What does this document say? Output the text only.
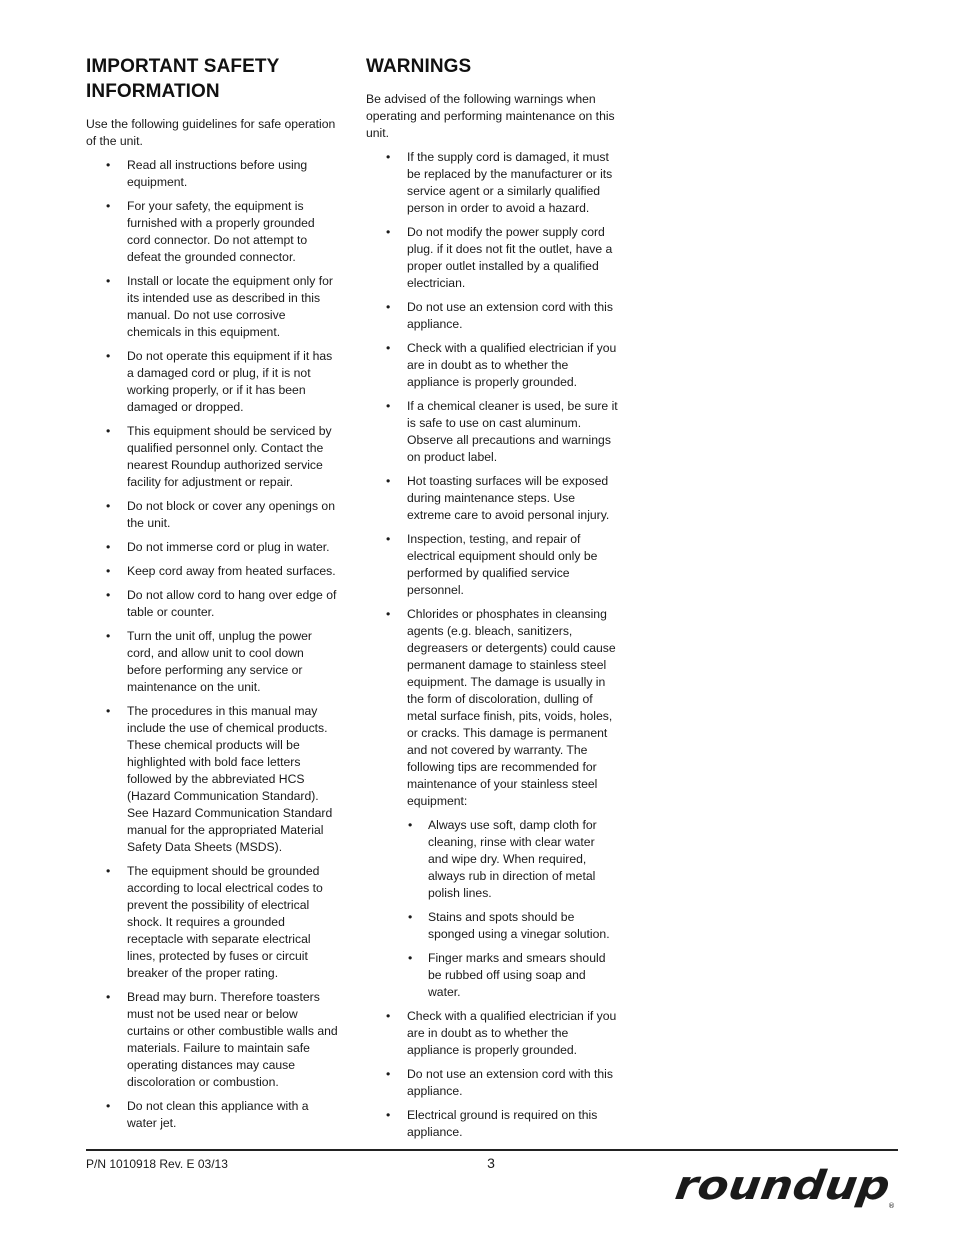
IMPORTANT SAFETY INFORMATION

Use the following guidelines for safe operation of the unit.

• Read all instructions before using equipment.
• For your safety, the equipment is furnished with a properly grounded cord connector. Do not attempt to defeat the grounded connector.
• Install or locate the equipment only for its intended use as described in this manual. Do not use corrosive chemicals in this equipment.
• Do not operate this equipment if it has a damaged cord or plug, if it is not working properly, or if it has been damaged or dropped.
• This equipment should be serviced by qualified personnel only. Contact the nearest Roundup authorized service facility for adjustment or repair.
• Do not block or cover any openings on the unit.
• Do not immerse cord or plug in water.
• Keep cord away from heated surfaces.
• Do not allow cord to hang over edge of table or counter.
• Turn the unit off, unplug the power cord, and allow unit to cool down before performing any service or maintenance on the unit.
• The procedures in this manual may include the use of chemical products. These chemical products will be highlighted with bold face letters followed by the abbreviated HCS (Hazard Communication Standard). See Hazard Communication Standard manual for the appropriated Material Safety Data Sheets (MSDS).
• The equipment should be grounded according to local electrical codes to prevent the possibility of electrical shock. It requires a grounded receptacle with separate electrical lines, protected by fuses or circuit breaker of the proper rating.
• Bread may burn. Therefore toasters must not be used near or below curtains or other combustible walls and materials. Failure to maintain safe operating distances may cause discoloration or combustion.
• Do not clean this appliance with a water jet.
WARNINGS

Be advised of the following warnings when operating and performing maintenance on this unit.

• If the supply cord is damaged, it must be replaced by the manufacturer or its service agent or a similarly qualified person in order to avoid a hazard.
• Do not modify the power supply cord plug. if it does not fit the outlet, have a proper outlet installed by a qualified electrician.
• Do not use an extension cord with this appliance.
• Check with a qualified electrician if you are in doubt as to whether the appliance is properly grounded.
• If a chemical cleaner is used, be sure it is safe to use on cast aluminum. Observe all precautions and warnings on product label.
• Hot toasting surfaces will be exposed during maintenance steps. Use extreme care to avoid personal injury.
• Inspection, testing, and repair of electrical equipment should only be performed by qualified service personnel.
• Chlorides or phosphates in cleansing agents (e.g. bleach, sanitizers, degreasers or detergents) could cause permanent damage to stainless steel equipment. The damage is usually in the form of discoloration, dulling of metal surface finish, pits, voids, holes, or cracks. This damage is permanent and not covered by warranty. The following tips are recommended for maintenance of your stainless steel equipment:
• Always use soft, damp cloth for cleaning, rinse with clear water and wipe dry. When required, always rub in direction of metal polish lines.
• Stains and spots should be sponged using a vinegar solution.
• Finger marks and smears should be rubbed off using soap and water.
• Check with a qualified electrician if you are in doubt as to whether the appliance is properly grounded.
• Do not use an extension cord with this appliance.
• Electrical ground is required on this appliance.
P/N 1010918 Rev. E 03/13	3
roundup	®
